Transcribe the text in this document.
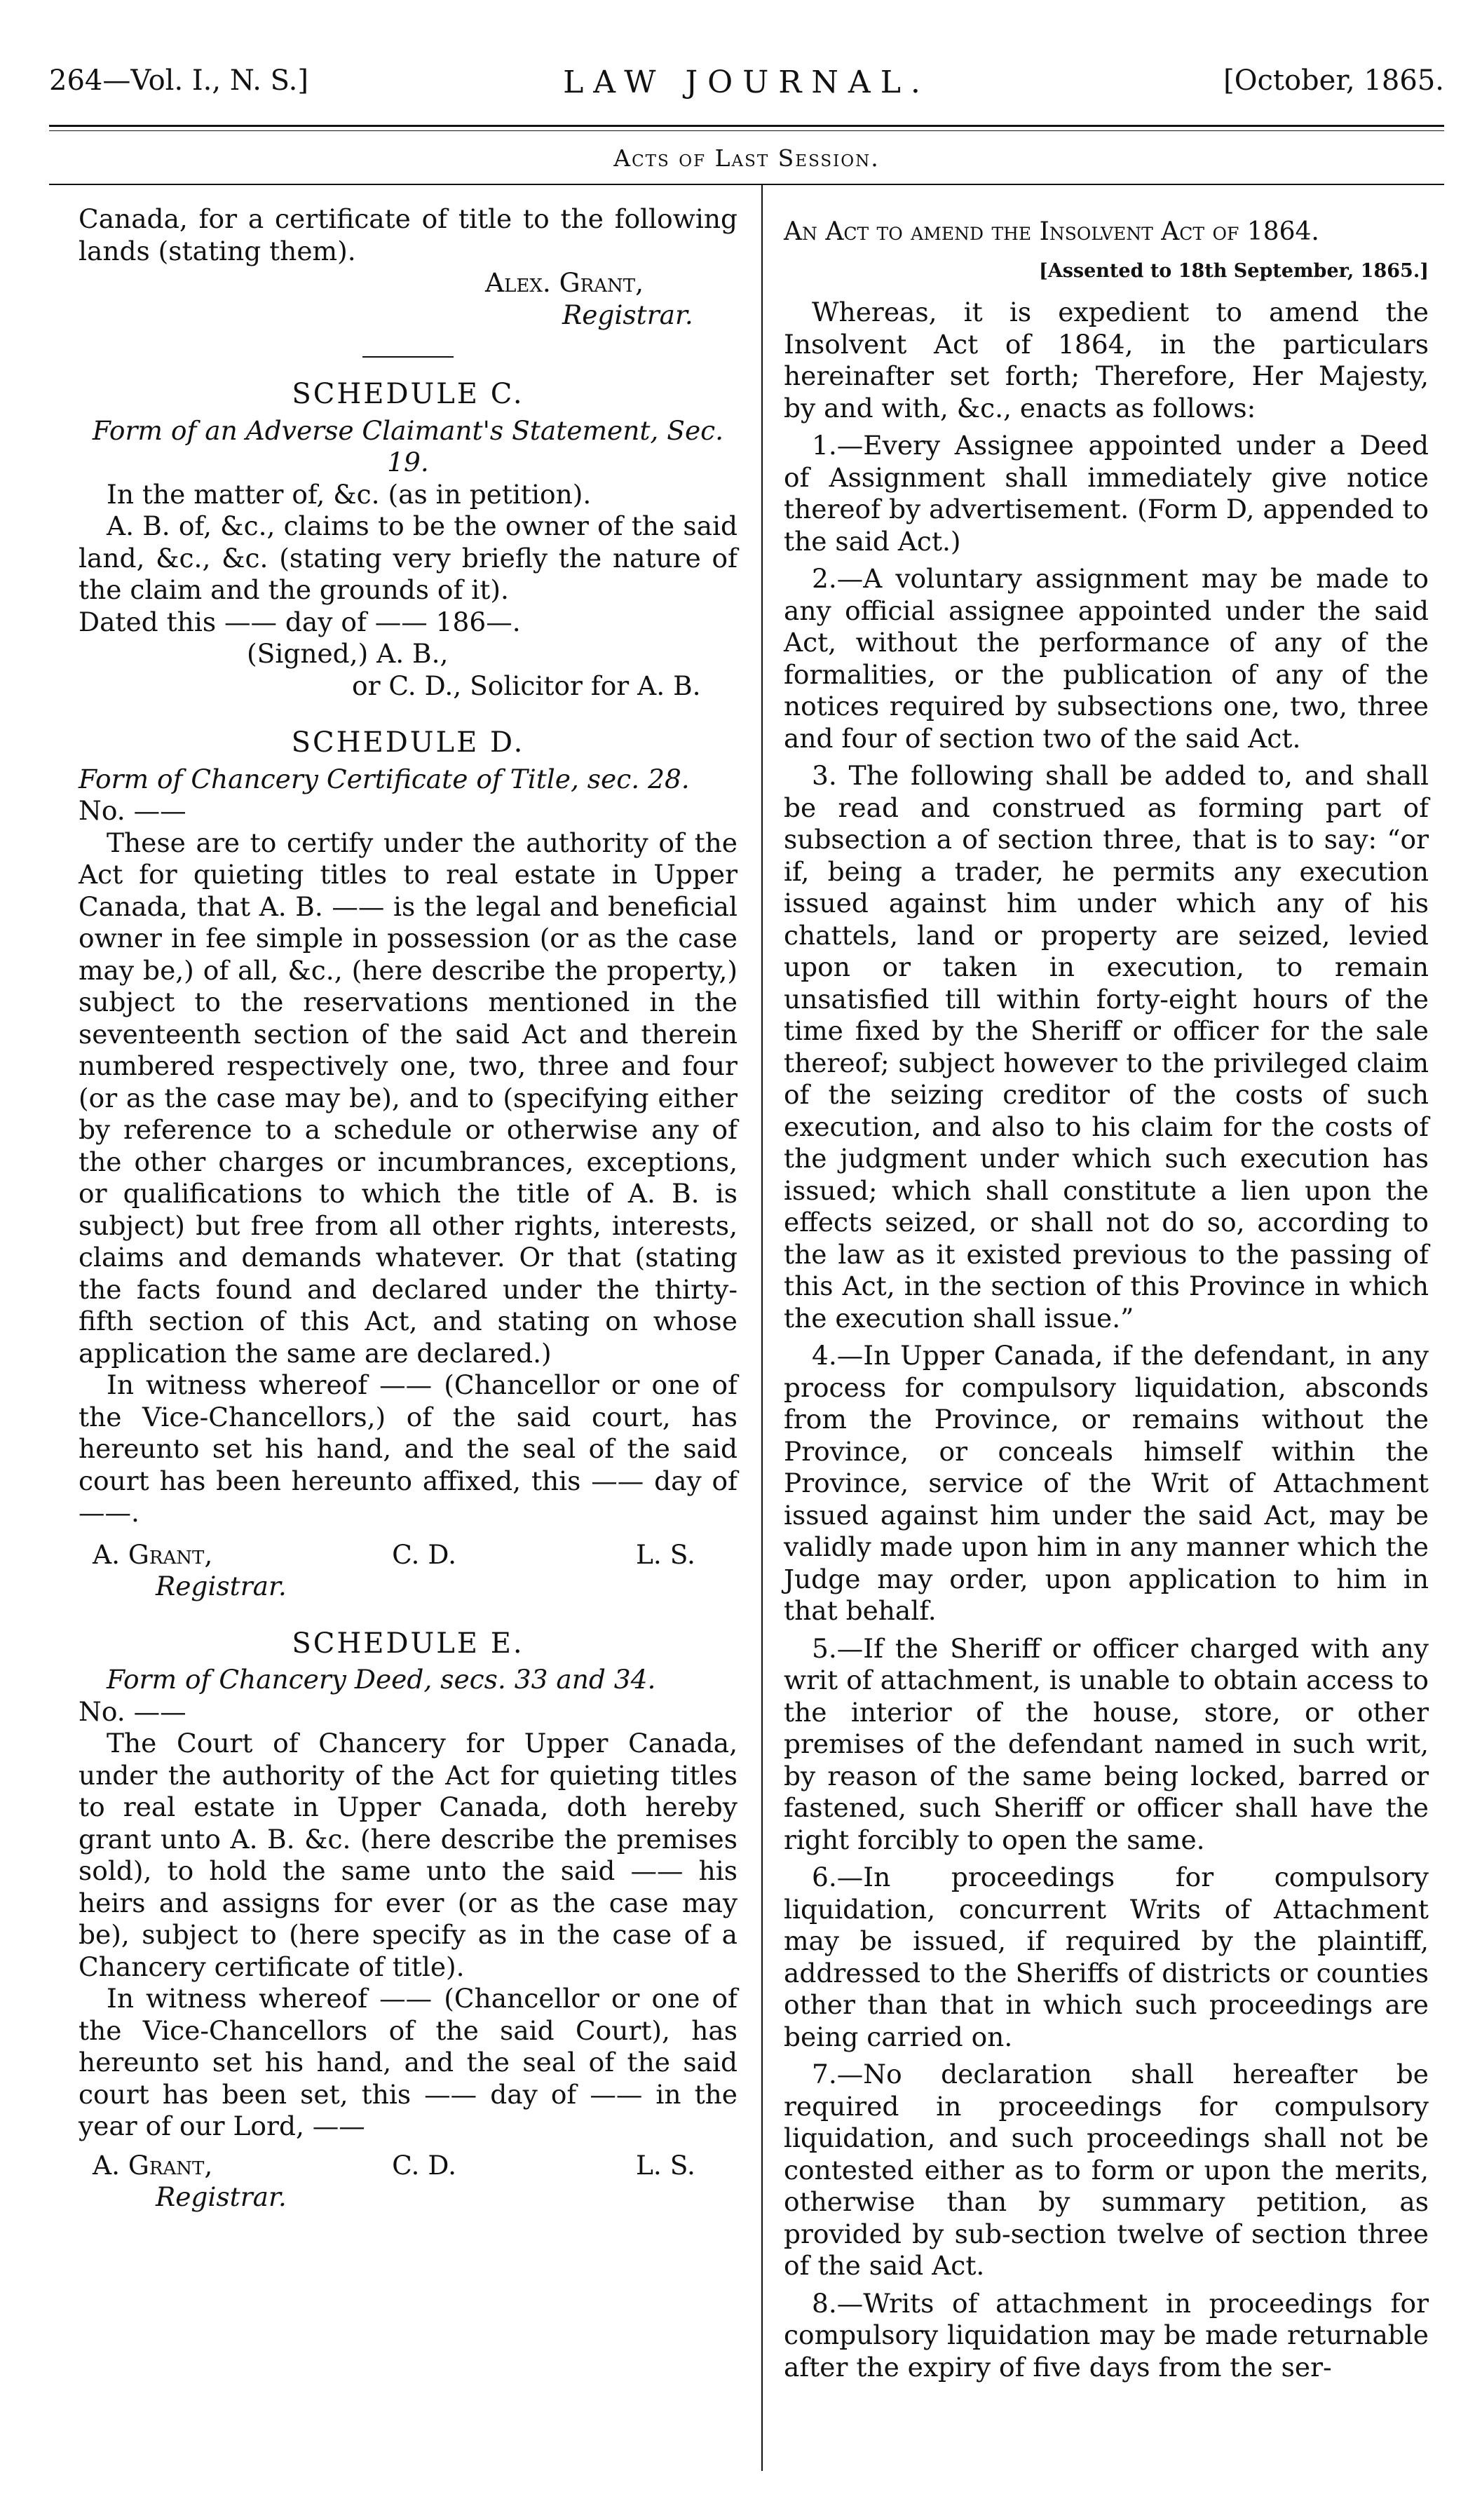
264—Vol. I., N. S.]	LAW JOURNAL.	[October, 1865.
Acts of Last Session.

Canada, for a certificate of title to the following lands (stating them).

Alex. Grant,

Registrar.

SCHEDULE C.

Form of an Adverse Claimant's Statement, Sec. 19.

In the matter of, &c. (as in petition).

A. B. of, &c., claims to be the owner of the said land, &c., &c. (stating very briefly the nature of the claim and the grounds of it).

Dated this —— day of —— 186—.

(Signed,) A. B.,

or C. D., Solicitor for A. B.

SCHEDULE D.

Form of Chancery Certificate of Title, sec. 28.

No. ——

These are to certify under the authority of the Act for quieting titles to real estate in Upper Canada, that A. B. —— is the legal and beneficial owner in fee simple in possession (or as the case may be,) of all, &c., (here describe the property,) subject to the reservations mentioned in the seventeenth section of the said Act and therein numbered respectively one, two, three and four (or as the case may be), and to (specifying either by reference to a schedule or otherwise any of the other charges or incumbrances, exceptions, or qualifications to which the title of A. B. is subject) but free from all other rights, interests, claims and demands whatever. Or that (stating the facts found and declared under the thirty-fifth section of this Act, and stating on whose application the same are declared.)

In witness whereof —— (Chancellor or one of the Vice-Chancellors,) of the said court, has hereunto set his hand, and the seal of the said court has been hereunto affixed, this —— day of ——.

A. Grant,	C. D.	L. S.

Registrar.

SCHEDULE E.

Form of Chancery Deed, secs. 33 and 34.

No. ——

The Court of Chancery for Upper Canada, under the authority of the Act for quieting titles to real estate in Upper Canada, doth hereby grant unto A. B. &c. (here describe the premises sold), to hold the same unto the said —— his heirs and assigns for ever (or as the case may be), subject to (here specify as in the case of a Chancery certificate of title).

In witness whereof —— (Chancellor or one of the Vice-Chancellors of the said Court), has hereunto set his hand, and the seal of the said court has been set, this —— day of —— in the year of our Lord, ——

A. Grant,	C. D.	L. S.

Registrar.

An Act to amend the Insolvent Act of 1864.

[Assented to 18th September, 1865.]

Whereas, it is expedient to amend the Insolvent Act of 1864, in the particulars hereinafter set forth; Therefore, Her Majesty, by and with, &c., enacts as follows:

1.—Every Assignee appointed under a Deed of Assignment shall immediately give notice thereof by advertisement. (Form D, appended to the said Act.)

2.—A voluntary assignment may be made to any official assignee appointed under the said Act, without the performance of any of the formalities, or the publication of any of the notices required by subsections one, two, three and four of section two of the said Act.

3. The following shall be added to, and shall be read and construed as forming part of subsection a of section three, that is to say: “or if, being a trader, he permits any execution issued against him under which any of his chattels, land or property are seized, levied upon or taken in execution, to remain unsatisfied till within forty-eight hours of the time fixed by the Sheriff or officer for the sale thereof; subject however to the privileged claim of the seizing creditor of the costs of such execution, and also to his claim for the costs of the judgment under which such execution has issued; which shall constitute a lien upon the effects seized, or shall not do so, according to the law as it existed previous to the passing of this Act, in the section of this Province in which the execution shall issue.”

4.—In Upper Canada, if the defendant, in any process for compulsory liquidation, absconds from the Province, or remains without the Province, or conceals himself within the Province, service of the Writ of Attachment issued against him under the said Act, may be validly made upon him in any manner which the Judge may order, upon application to him in that behalf.

5.—If the Sheriff or officer charged with any writ of attachment, is unable to obtain access to the interior of the house, store, or other premises of the defendant named in such writ, by reason of the same being locked, barred or fastened, such Sheriff or officer shall have the right forcibly to open the same.

6.—In proceedings for compulsory liquidation, concurrent Writs of Attachment may be issued, if required by the plaintiff, addressed to the Sheriffs of districts or counties other than that in which such proceedings are being carried on.

7.—No declaration shall hereafter be required in proceedings for compulsory liquidation, and such proceedings shall not be contested either as to form or upon the merits, otherwise than by summary petition, as provided by sub-section twelve of section three of the said Act.

8.—Writs of attachment in proceedings for compulsory liquidation may be made returnable after the expiry of five days from the ser-
